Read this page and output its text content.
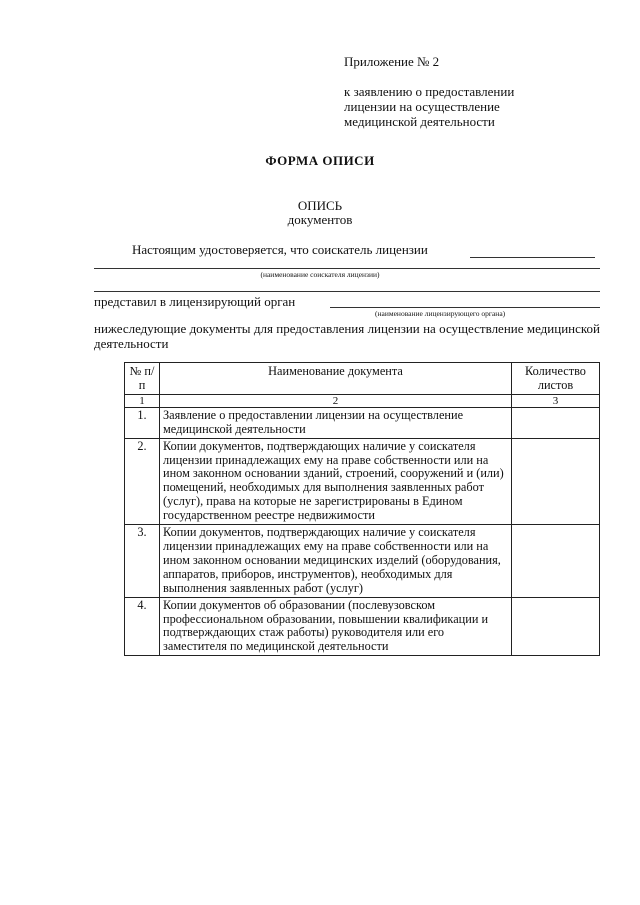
Приложение № 2
к заявлению о предоставлении
лицензии на осуществление
медицинской деятельности
ФОРМА ОПИСИ
ОПИСЬ
документов
Настоящим удостоверяется, что соискатель лицензии
(наименование соискателя лицензии)
представил в лицензирующий орган
(наименование лицензирующего органа)
нижеследующие документы для предоставления лицензии на осуществление медицинской деятельности
№ п/п	Наименование документа	Количество листов
1	2	3
1.	Заявление о предоставлении лицензии на осуществление медицинской деятельности	
2.	Копии документов, подтверждающих наличие у соискателя лицензии принадлежащих ему на праве собственности или на ином законном основании зданий, строений, сооружений и (или) помещений, необходимых для выполнения заявленных работ (услуг), права на которые не зарегистрированы в Едином государственном реестре недвижимости	
3.	Копии документов, подтверждающих наличие у соискателя лицензии принадлежащих ему на праве собственности или на ином законном основании медицинских изделий (оборудования, аппаратов, приборов, инструментов), необходимых для выполнения заявленных работ (услуг)	
4.	Копии документов об образовании (послевузовском профессиональном образовании, повышении квалификации и подтверждающих стаж работы) руководителя или его заместителя по медицинской деятельности	
